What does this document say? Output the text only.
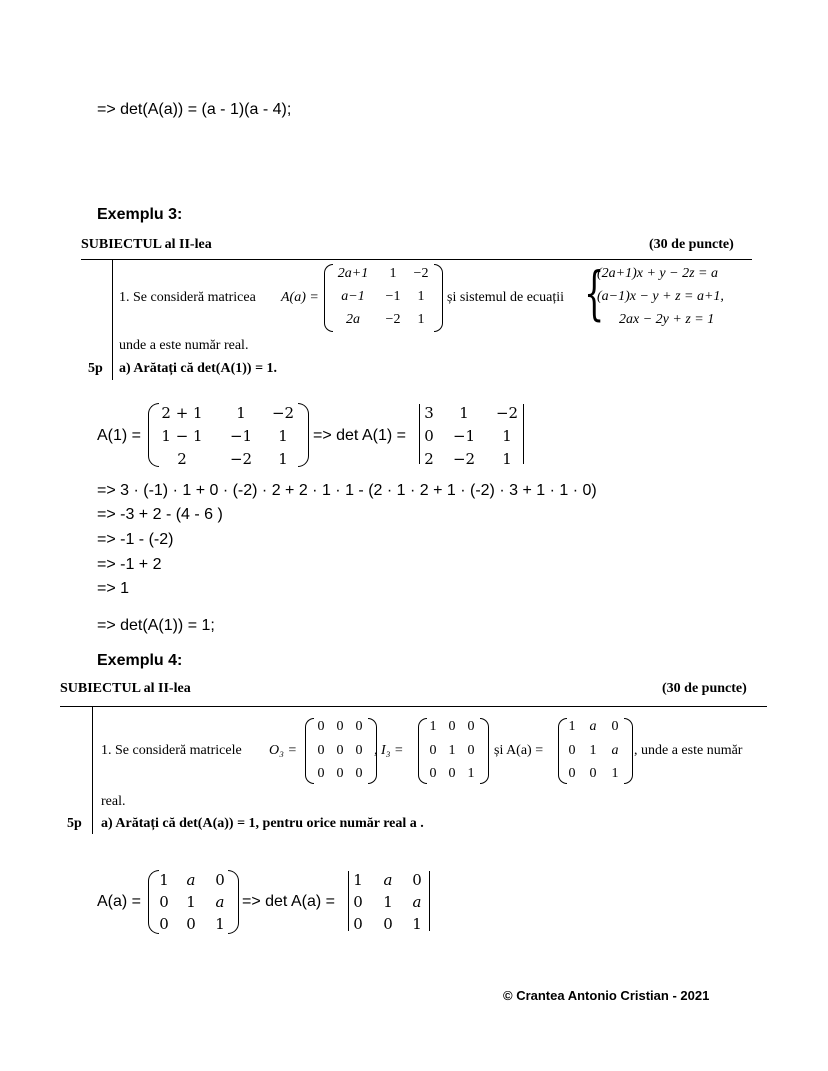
=> det(A(a)) = (a - 1)(a - 4);
Exemplu 3:
SUBIECTUL al II-lea	(30 de puncte)
1. Se consideră matricea A(a) =
2a+1	1	−2
a−1	−1	1
2a	−2	1
și sistemul de ecuații {
(2a+1)x + y − 2z = a
(a−1)x − y + z = a+1,
2ax − 2y + z = 1
unde a este număr real.
5p a) Arătați că det(A(1)) = 1.
A(1) =
2 + 1	1	−2
1 − 1	−1	1
2	−2	1
=> det A(1) =
3	1	−2
0 −1	1
2 −2	1
=> 3 · (-1) · 1 + 0 · (-2) · 2 + 2 · 1 · 1 - (2 · 1 · 2 + 1 · (-2) · 3 + 1 · 1 · 0)
=> -3 + 2 - (4 - 6 )
=> -1 - (-2)
=> -1 + 2
=> 1
=> det(A(1)) = 1;
Exemplu 4:
SUBIECTUL al II-lea	(30 de puncte)
1. Se consideră matricele O₃ =
0 0 0
0 0 0
0 0 0
, I₃ =
1 0 0
0 1 0
0 0 1
și A(a) =
1	a	0
0	1	a
0	0	1
, unde a este număr
real.
5p a) Arătați că det(A(a)) = 1, pentru orice număr real a .
A(a) =
1	𝑎	0
0	1	𝑎
0	0	1
=> det A(a) =
1	𝑎	0
0	1	𝑎
0	0	1
© Crantea Antonio Cristian - 2021
